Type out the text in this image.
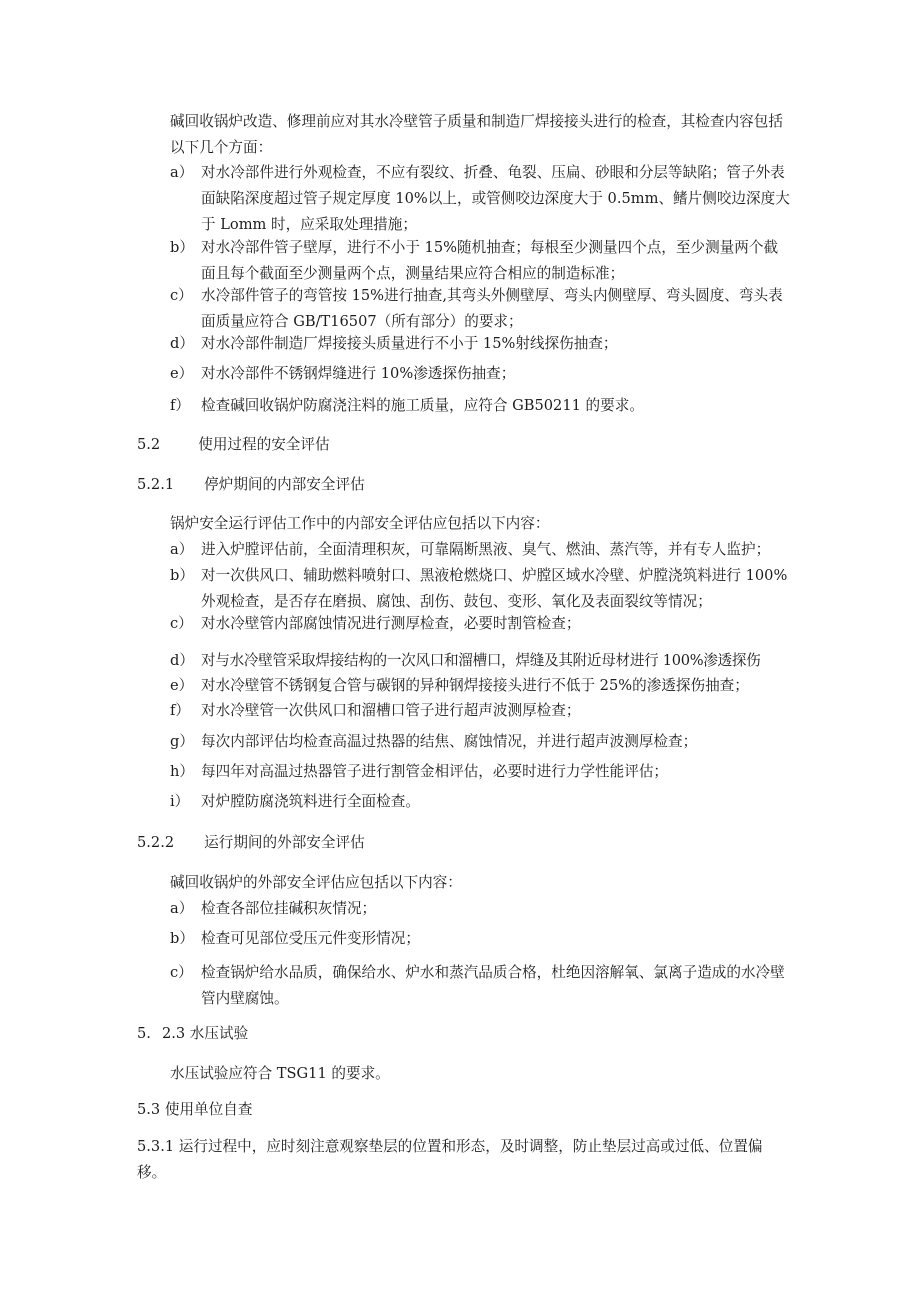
碱回收锅炉改造、修理前应对其水冷壁管子质量和制造厂焊接接头进行的检查，其检查内容包括以下几个方面：

a） 对水冷部件进行外观检查，不应有裂纹、折叠、龟裂、压扁、砂眼和分层等缺陷；管子外表面缺陷深度超过管子规定厚度 10%以上，或管侧咬边深度大于 0.5mm、鳍片侧咬边深度大于 Lomm 时，应采取处理措施；
b） 对水冷部件管子壁厚，进行不小于 15%随机抽查；每根至少测量四个点，至少测量两个截面且每个截面至少测量两个点，测量结果应符合相应的制造标准；
c） 水冷部件管子的弯管按 15%进行抽查,其弯头外侧壁厚、弯头内侧壁厚、弯头圆度、弯头表面质量应符合 GB/T16507（所有部分）的要求；
d） 对水冷部件制造厂焊接接头质量进行不小于 15%射线探伤抽查；
e） 对水冷部件不锈钢焊缝进行 10%渗透探伤抽查；
f） 检查碱回收锅炉防腐浇注料的施工质量，应符合 GB50211 的要求。
5.2	使用过程的安全评估
5.2.1 停炉期间的内部安全评估

锅炉安全运行评估工作中的内部安全评估应包括以下内容：

a） 进入炉膛评估前，全面清理积灰，可靠隔断黑液、臭气、燃油、蒸汽等，并有专人监护；
b） 对一次供风口、辅助燃料喷射口、黑液枪燃烧口、炉膛区域水冷壁、炉膛浇筑料进行 100%外观检查，是否存在磨损、腐蚀、刮伤、鼓包、变形、氧化及表面裂纹等情况；
c） 对水冷壁管内部腐蚀情况进行测厚检查，必要时割管检查；
d） 对与水冷壁管采取焊接结构的一次风口和溜槽口，焊缝及其附近母材进行 100%渗透探伤
e） 对水冷壁管不锈钢复合管与碳钢的异种钢焊接接头进行不低于 25%的渗透探伤抽查；
f） 对水冷壁管一次供风口和溜槽口管子进行超声波测厚检查；
g） 每次内部评估均检查高温过热器的结焦、腐蚀情况，并进行超声波测厚检查；
h） 每四年对高温过热器管子进行割管金相评估，必要时进行力学性能评估；
i） 对炉膛防腐浇筑料进行全面检查。
5.2.2 运行期间的外部安全评估

碱回收锅炉的外部安全评估应包括以下内容：

a） 检查各部位挂碱积灰情况；
b） 检查可见部位受压元件变形情况；
c） 检查锅炉给水品质，确保给水、炉水和蒸汽品质合格，杜绝因溶解氧、氯离子造成的水冷壁管内壁腐蚀。
5. 2.3 水压试验

水压试验应符合 TSG11 的要求。

5.3 使用单位自查

5.3.1 运行过程中，应时刻注意观察垫层的位置和形态，及时调整，防止垫层过高或过低、位置偏移。
